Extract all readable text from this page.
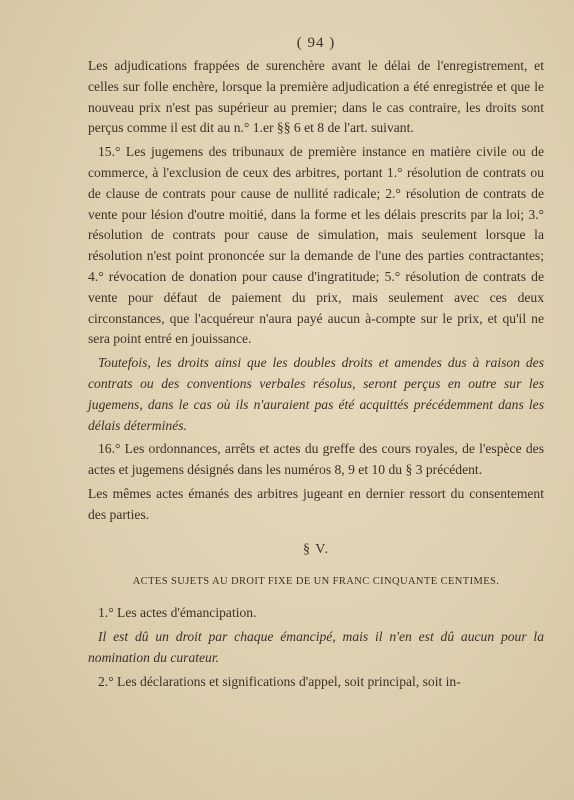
( 94 )

Les adjudications frappées de surenchère avant le délai de l'enregistrement, et celles sur folle enchère, lorsque la première adjudication a été enregistrée et que le nouveau prix n'est pas supérieur au premier; dans le cas contraire, les droits sont perçus comme il est dit au n.° 1.er §§ 6 et 8 de l'art. suivant.

15.° Les jugemens des tribunaux de première instance en matière civile ou de commerce, à l'exclusion de ceux des arbitres, portant 1.° résolution de contrats ou de clause de contrats pour cause de nullité radicale; 2.° résolution de contrats de vente pour lésion d'outre moitié, dans la forme et les délais prescrits par la loi; 3.° résolution de contrats pour cause de simulation, mais seulement lorsque la résolution n'est point prononcée sur la demande de l'une des parties contractantes; 4.° révocation de donation pour cause d'ingratitude; 5.° résolution de contrats de vente pour défaut de paiement du prix, mais seulement avec ces deux circonstances, que l'acquéreur n'aura payé aucun à-compte sur le prix, et qu'il ne sera point entré en jouissance.

Toutefois, les droits ainsi que les doubles droits et amendes dus à raison des contrats ou des conventions verbales résolus, seront perçus en outre sur les jugemens, dans le cas où ils n'auraient pas été acquittés précédemment dans les délais déterminés.

16.° Les ordonnances, arrêts et actes du greffe des cours royales, de l'espèce des actes et jugemens désignés dans les numéros 8, 9 et 10 du § 3 précédent.

Les mêmes actes émanés des arbitres jugeant en dernier ressort du consentement des parties.

§ V.
ACTES SUJETS AU DROIT FIXE DE UN FRANC CINQUANTE CENTIMES.

1.° Les actes d'émancipation.

Il est dû un droit par chaque émancipé, mais il n'en est dû aucun pour la nomination du curateur.

2.° Les déclarations et significations d'appel, soit principal, soit in-
